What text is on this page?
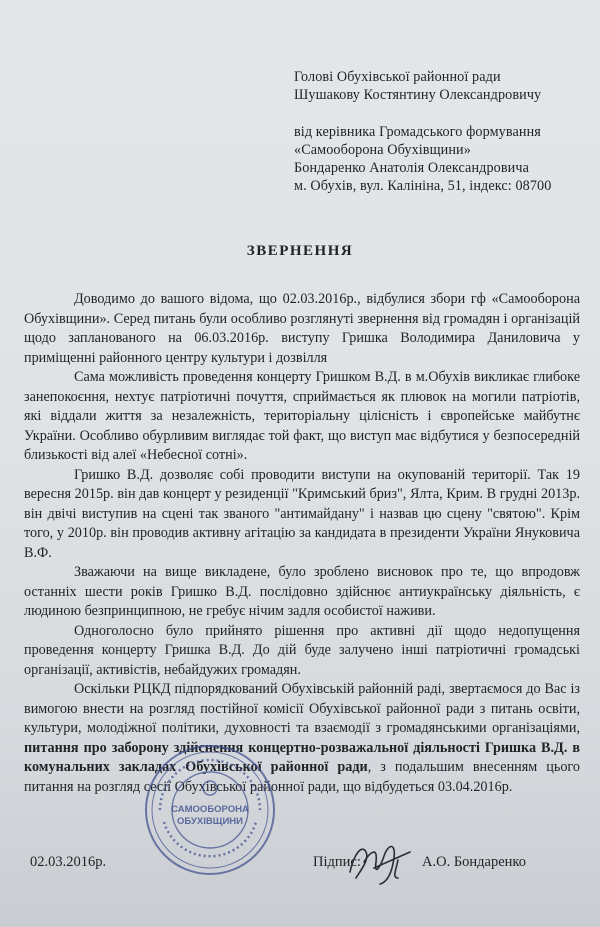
Голові Обухівської районної ради
Шушакову Костянтину Олександровичу
від керівника Громадського формування
«Самооборона Обухівщини»
Бондаренко Анатолія Олександровича
м. Обухів, вул. Калініна, 51, індекс: 08700
ЗВЕРНЕННЯ

Доводимо до вашого відома, що 02.03.2016р., відбулися збори гф «Самооборона Обухівщини». Серед питань були особливо розглянуті звернення від громадян і організацій щодо запланованого на 06.03.2016р. виступу Гришка Володимира Даниловича у приміщенні районного центру культури і дозвілля

Сама можливість проведення концерту Гришком В.Д. в м.Обухів викликає глибоке занепокоєння, нехтує патріотичні почуття, сприймається як плювок на могили патріотів, які віддали життя за незалежність, територіальну цілісність і європейське майбутнє України. Особливо обурливим виглядає той факт, що виступ має відбутися у безпосередній близькості від алеї «Небесної сотні».

Гришко В.Д. дозволяє собі проводити виступи на окупованій території. Так 19 вересня 2015р. він дав концерт у резиденції "Кримський бриз", Ялта, Крим. В грудні 2013р. він двічі виступив на сцені так званого "антимайдану" і назвав цю сцену "святою". Крім того, у 2010р. він проводив активну агітацію за кандидата в президенти України Януковича В.Ф.

Зважаючи на вище викладене, було зроблено висновок про те, що впродовж останніх шести років Гришко В.Д. послідовно здійснює антиукраїнську діяльність, є людиною безпринципною, не гребує нічим задля особистої наживи.

Одноголосно було прийнято рішення про активні дії щодо недопущення проведення концерту Гришка В.Д. До дій буде залучено інші патріотичні громадські організації, активістів, небайдужих громадян.

Оскільки РЦКД підпорядкований Обухівській районній раді, звертаємося до Вас із вимогою внести на розгляд постійної комісії Обухівської районної ради з питань освіти, культури, молодіжної політики, духовності та взаємодії з громадянськими організаціями, питання про заборону здійснення концертно-розважальної діяльності Гришка В.Д. в комунальних закладах Обухівської районної ради, з подальшим внесенням цього питання на розгляд сесії Обухівської районної ради, що відбудеться 03.04.2016р.

САМООБОРОНА
ОБУХІВЩИНИ
02.03.2016р.	Підпис:	А.О. Бондаренко
